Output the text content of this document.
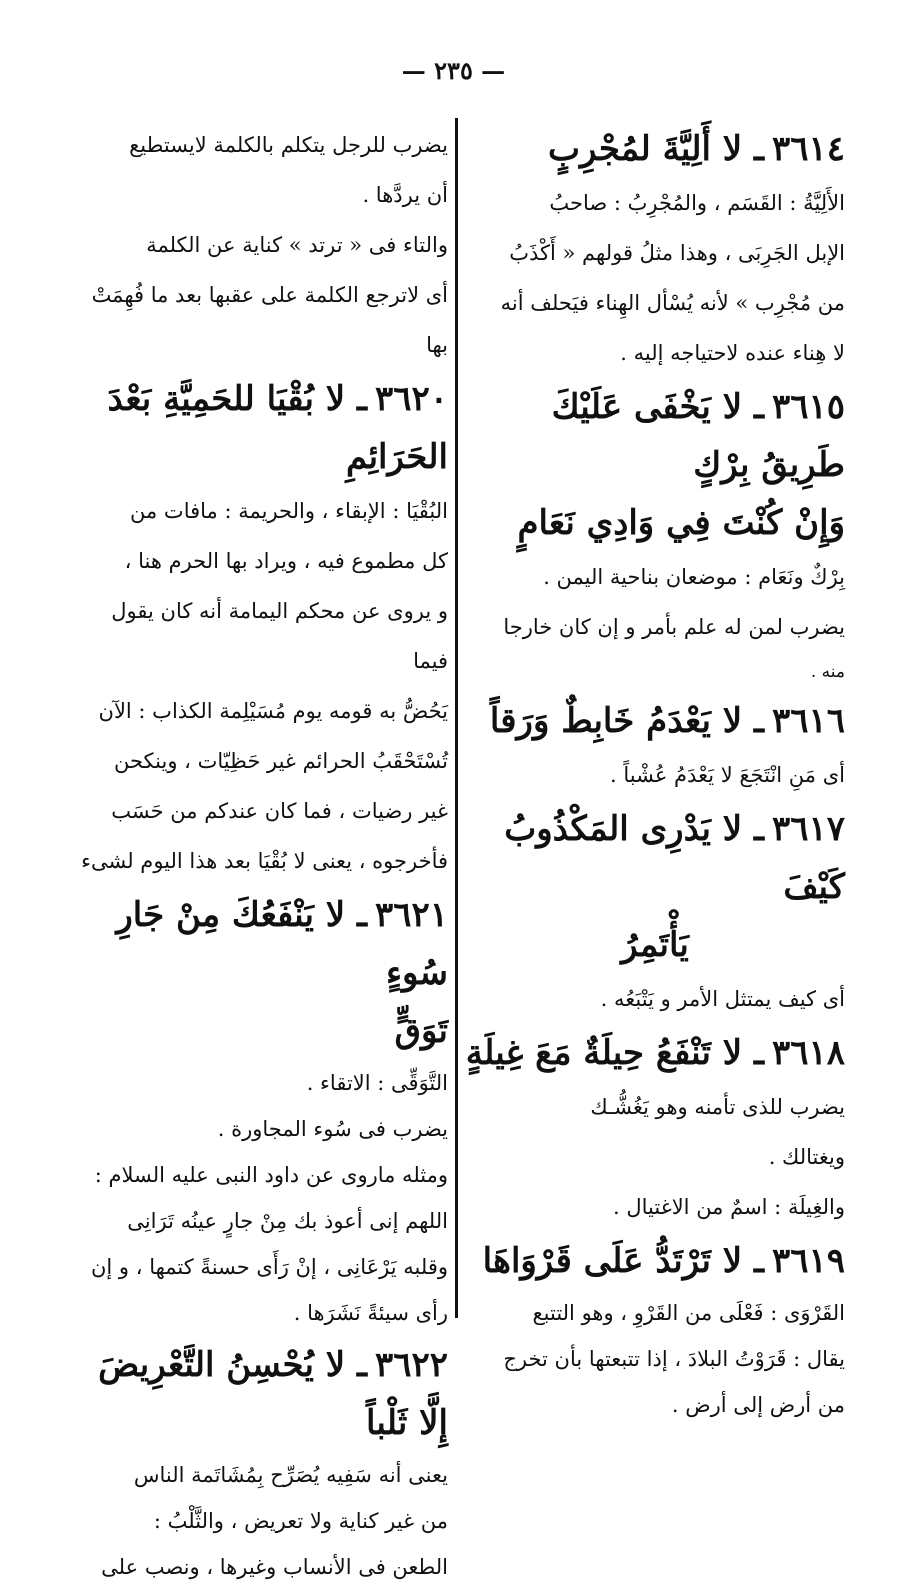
— ٢٣٥ —

٣٦١٤ـ لا أَلِيَّةَ لمُجْرِبٍ

الأَلِيَّةُ : القَسَم ، والمُجْرِبُ : صاحبُ

الإبل الجَرِبَى ، وهذا مثلُ قولهم « أَكْذَبُ

من مُجْرِب » لأنه يُسْأل الهِناء فيَحلف أنه

لا هِناء عنده لاحتياجه إليه .

٣٦١٥ـ لا يَخْفَى عَلَيْكَ طَرِيقُ بِرْكٍ

وَإِنْ كُنْتَ فِي وَادِي نَعَامٍ

بِرْكٌ ونَعَام : موضعان بناحية اليمن .

يضرب لمن له علم بأمر و إن كان خارجا

منه .

٣٦١٦ـ لا يَعْدَمُ خَابِطٌ وَرَقاً

أى مَنِ انْتَجَعَ لا يَعْدَمُ عُشْباً .

٣٦١٧ـ لا يَدْرِى المَكْذُوبُ كَيْفَ

يَأْتَمِرُ

أى كيف يمتثل الأمر و يَتْبَعُه .

٣٦١٨ـ لا تَنْفَعُ حِيلَةٌ مَعَ غِيلَةٍ

يضرب للذى تأمنه وهو يَغُشُّـك

ويغتالك .

والغِيلَة : اسمٌ من الاغتيال .

٣٦١٩ـ لا تَرْتَدُّ عَلَى قَرْوَاهَا

القَرْوَى : فَعْلَى من القَرْوِ ، وهو التتبع

يقال : قَرَوْتُ البلادَ ، إذا تتبعتها بأن تخرج

من أرض إلى أرض .

يضرب للرجل يتكلم بالكلمة لايستطيع

أن يردَّها .

والتاء فى « ترتد » كناية عن الكلمة

أى لاترجع الكلمة على عقبها بعد ما فُهِمَتْ بها

٣٦٢٠ـ لا بُقْيَا للحَمِيَّةِ بَعْدَ الحَرَائِمِ

البُقْيَا : الإبقاء ، والحريمة : مافات من

كل مطموع فيه ، ويراد بها الحرم هنا ،

و يروى عن محكم اليمامة أنه كان يقول فيما

يَحُضُّ به قومه يوم مُسَيْلِمة الكذاب : الآن

تُسْتَحْقَبُ الحرائم غير حَظِيّات ، وينكحن

غير رضيات ، فما كان عندكم من حَسَب

فأخرجوه ، يعنى لا بُقْيَا بعد هذا اليوم لشىء

٣٦٢١ـ لا يَنْفَعُكَ مِنْ جَارِ سُوءٍ

تَوَقٍّ

التَّوَقِّى : الاتقاء .

يضرب فى سُوء المجاورة .

ومثله ماروى عن داود النبى عليه السلام :

اللهم إنى أعوذ بك مِنْ جارٍ عينُه تَرَانِى

وقلبه يَرْعَانِى ، إنْ رَأَى حسنةً كتمها ، و إن

رأى سيئةً نَشَرَها .

٣٦٢٢ـ لا يُحْسِنُ التَّعْرِيضَ إِلَّا ثَلْباً

يعنى أنه سَفِيه يُصَرِّح بِمُشَاتَمة الناس

من غير كناية ولا تعريض ، والثَّلْبُ :

الطعن فى الأنساب وغيرها ، ونصب على
